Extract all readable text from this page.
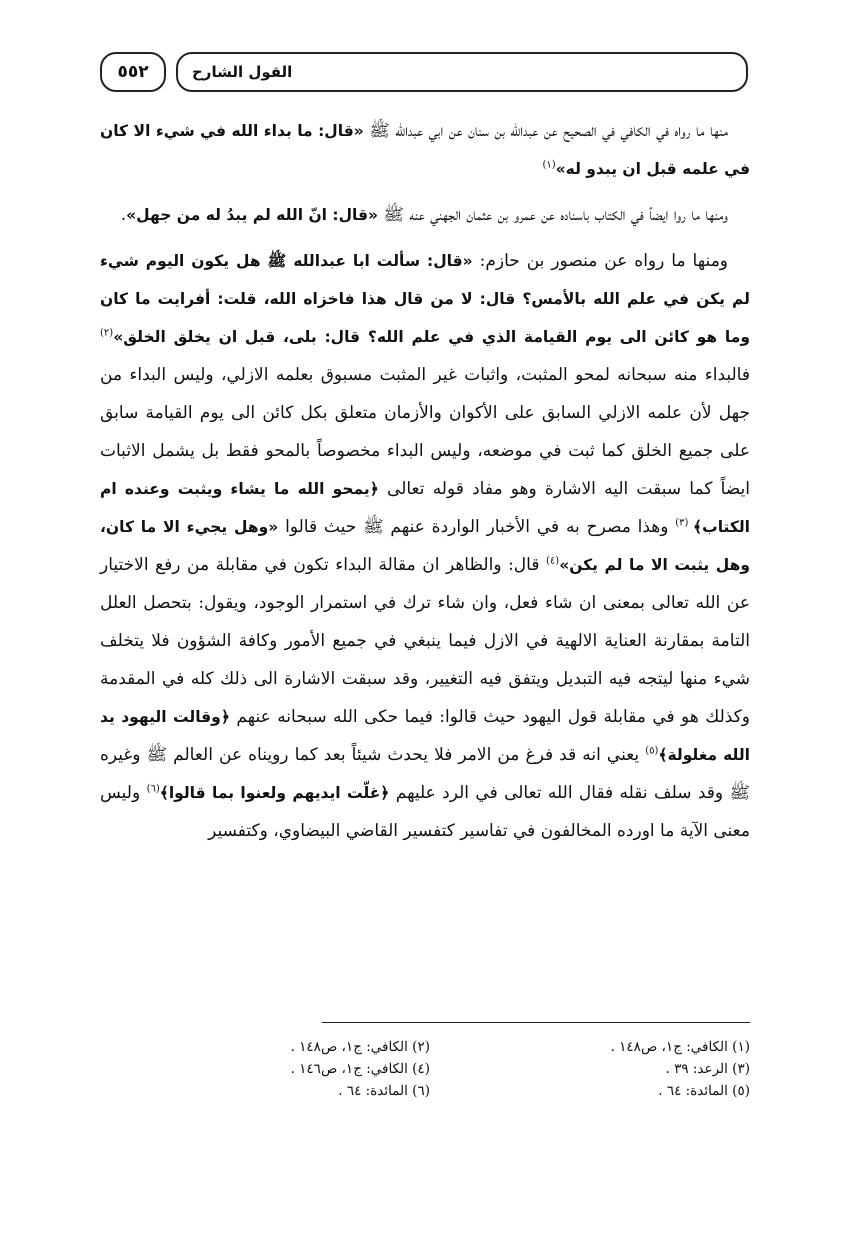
القول الشارح
٥٥٢

منها ما رواه في الكافي في الصحيح عن عبدالله بن سنان عن ابي عبدالله ﷺ «قال: ما بداء الله في شيء الا كان في علمه قبل ان يبدو له»$^{(١)}$

ومنها ما روا ايضاً في الكتاب باسناده عن عمرو بن عثمان الجهني عنه ﷺ «قال: انّ الله لم يبدُ له من جهل».

ومنها ما رواه عن منصور بن حازم: «قال: سألت ابا عبدالله ﷺ هل يكون اليوم شيء لم يكن في علم الله بالأمس؟ قال: لا من قال هذا فاخزاه الله، قلت: أفرايت ما كان وما هو كائن الى يوم القيامة الذي في علم الله؟ قال: بلى، قبل ان يخلق الخلق»$^{(٢)}$ فالبداء منه سبحانه لمحو المثبت، واثبات غير المثبت مسبوق بعلمه الازلي، وليس البداء من جهل لأن علمه الازلي السابق على الأكوان والأزمان متعلق بكل كائن الى يوم القيامة سابق على جميع الخلق كما ثبت في موضعه، وليس البداء مخصوصاً بالمحو فقط بل يشمل الاثبات ايضاً كما سبقت اليه الاشارة وهو مفاد قوله تعالى ﴿يمحو الله ما يشاء ويثبت وعنده ام الكتاب﴾ $^{(٣)}$ وهذا مصرح به في الأخبار الواردة عنهم ﷺ حيث قالوا «وهل يجيء الا ما كان، وهل يثبت الا ما لم يكن»$^{(٤)}$ قال: والظاهر ان مقالة البداء تكون في مقابلة من رفع الاختيار عن الله تعالى بمعنى ان شاء فعل، وان شاء ترك في استمرار الوجود، ويقول: بتحصل العلل التامة بمقارنة العناية الالهية في الازل فيما ينبغي في جميع الأمور وكافة الشؤون فلا يتخلف شيء منها ليتجه فيه التبديل ويتفق فيه التغيير، وقد سبقت الاشارة الى ذلك كله في المقدمة وكذلك هو في مقابلة قول اليهود حيث قالوا: فيما حكى الله سبحانه عنهم ﴿وقالت اليهود يد الله مغلولة﴾$^{(٥)}$ يعني انه قد فرغ من الامر فلا يحدث شيئاً بعد كما رويناه عن العالم ﷺ وغيره ﷺ وقد سلف نقله فقال الله تعالى في الرد عليهم ﴿غلّت ايديهم ولعنوا بما قالوا﴾$^{(٦)}$ وليس معنى الآية ما اورده المخالفون في تفاسير كتفسير القاضي البيضاوي، وكتفسير

(١) الكافي: ج١، ص١٤٨ .
(٢) الكافي: ج١، ص١٤٨ .
(٣) الرعد: ٣٩ .
(٤) الكافي: ج١، ص١٤٦ .
(٥) المائدة: ٦٤ .
(٦) المائدة: ٦٤ .
